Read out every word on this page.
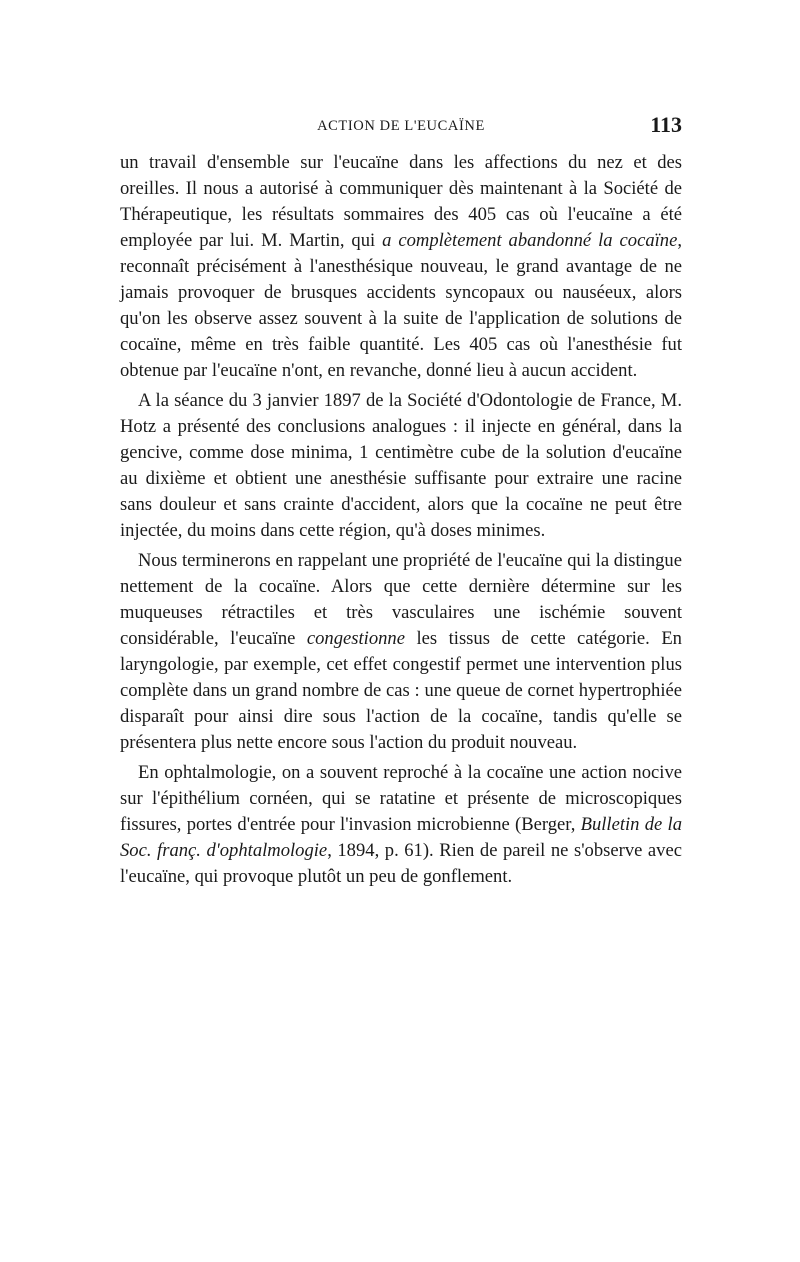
ACTION DE L'EUCAÏNE	113

un travail d'ensemble sur l'eucaïne dans les affections du nez et des oreilles. Il nous a autorisé à communiquer dès maintenant à la Société de Thérapeutique, les résultats sommaires des 405 cas où l'eucaïne a été employée par lui. M. Martin, qui a complètement abandonné la cocaïne, reconnaît précisément à l'anesthésique nouveau, le grand avantage de ne jamais provoquer de brusques accidents syncopaux ou nauséeux, alors qu'on les observe assez souvent à la suite de l'application de solutions de cocaïne, même en très faible quantité. Les 405 cas où l'anesthésie fut obtenue par l'eucaïne n'ont, en revanche, donné lieu à aucun accident.

A la séance du 3 janvier 1897 de la Société d'Odontologie de France, M. Hotz a présenté des conclusions analogues : il injecte en général, dans la gencive, comme dose minima, 1 centimètre cube de la solution d'eucaïne au dixième et obtient une anesthésie suffisante pour extraire une racine sans douleur et sans crainte d'accident, alors que la cocaïne ne peut être injectée, du moins dans cette région, qu'à doses minimes.

Nous terminerons en rappelant une propriété de l'eucaïne qui la distingue nettement de la cocaïne. Alors que cette dernière détermine sur les muqueuses rétractiles et très vasculaires une ischémie souvent considérable, l'eucaïne congestionne les tissus de cette catégorie. En laryngologie, par exemple, cet effet congestif permet une intervention plus complète dans un grand nombre de cas : une queue de cornet hypertrophiée disparaît pour ainsi dire sous l'action de la cocaïne, tandis qu'elle se présentera plus nette encore sous l'action du produit nouveau.

En ophtalmologie, on a souvent reproché à la cocaïne une action nocive sur l'épithélium cornéen, qui se ratatine et présente de microscopiques fissures, portes d'entrée pour l'invasion microbienne (Berger, Bulletin de la Soc. franç. d'ophtalmologie, 1894, p. 61). Rien de pareil ne s'observe avec l'eucaïne, qui provoque plutôt un peu de gonflement.
